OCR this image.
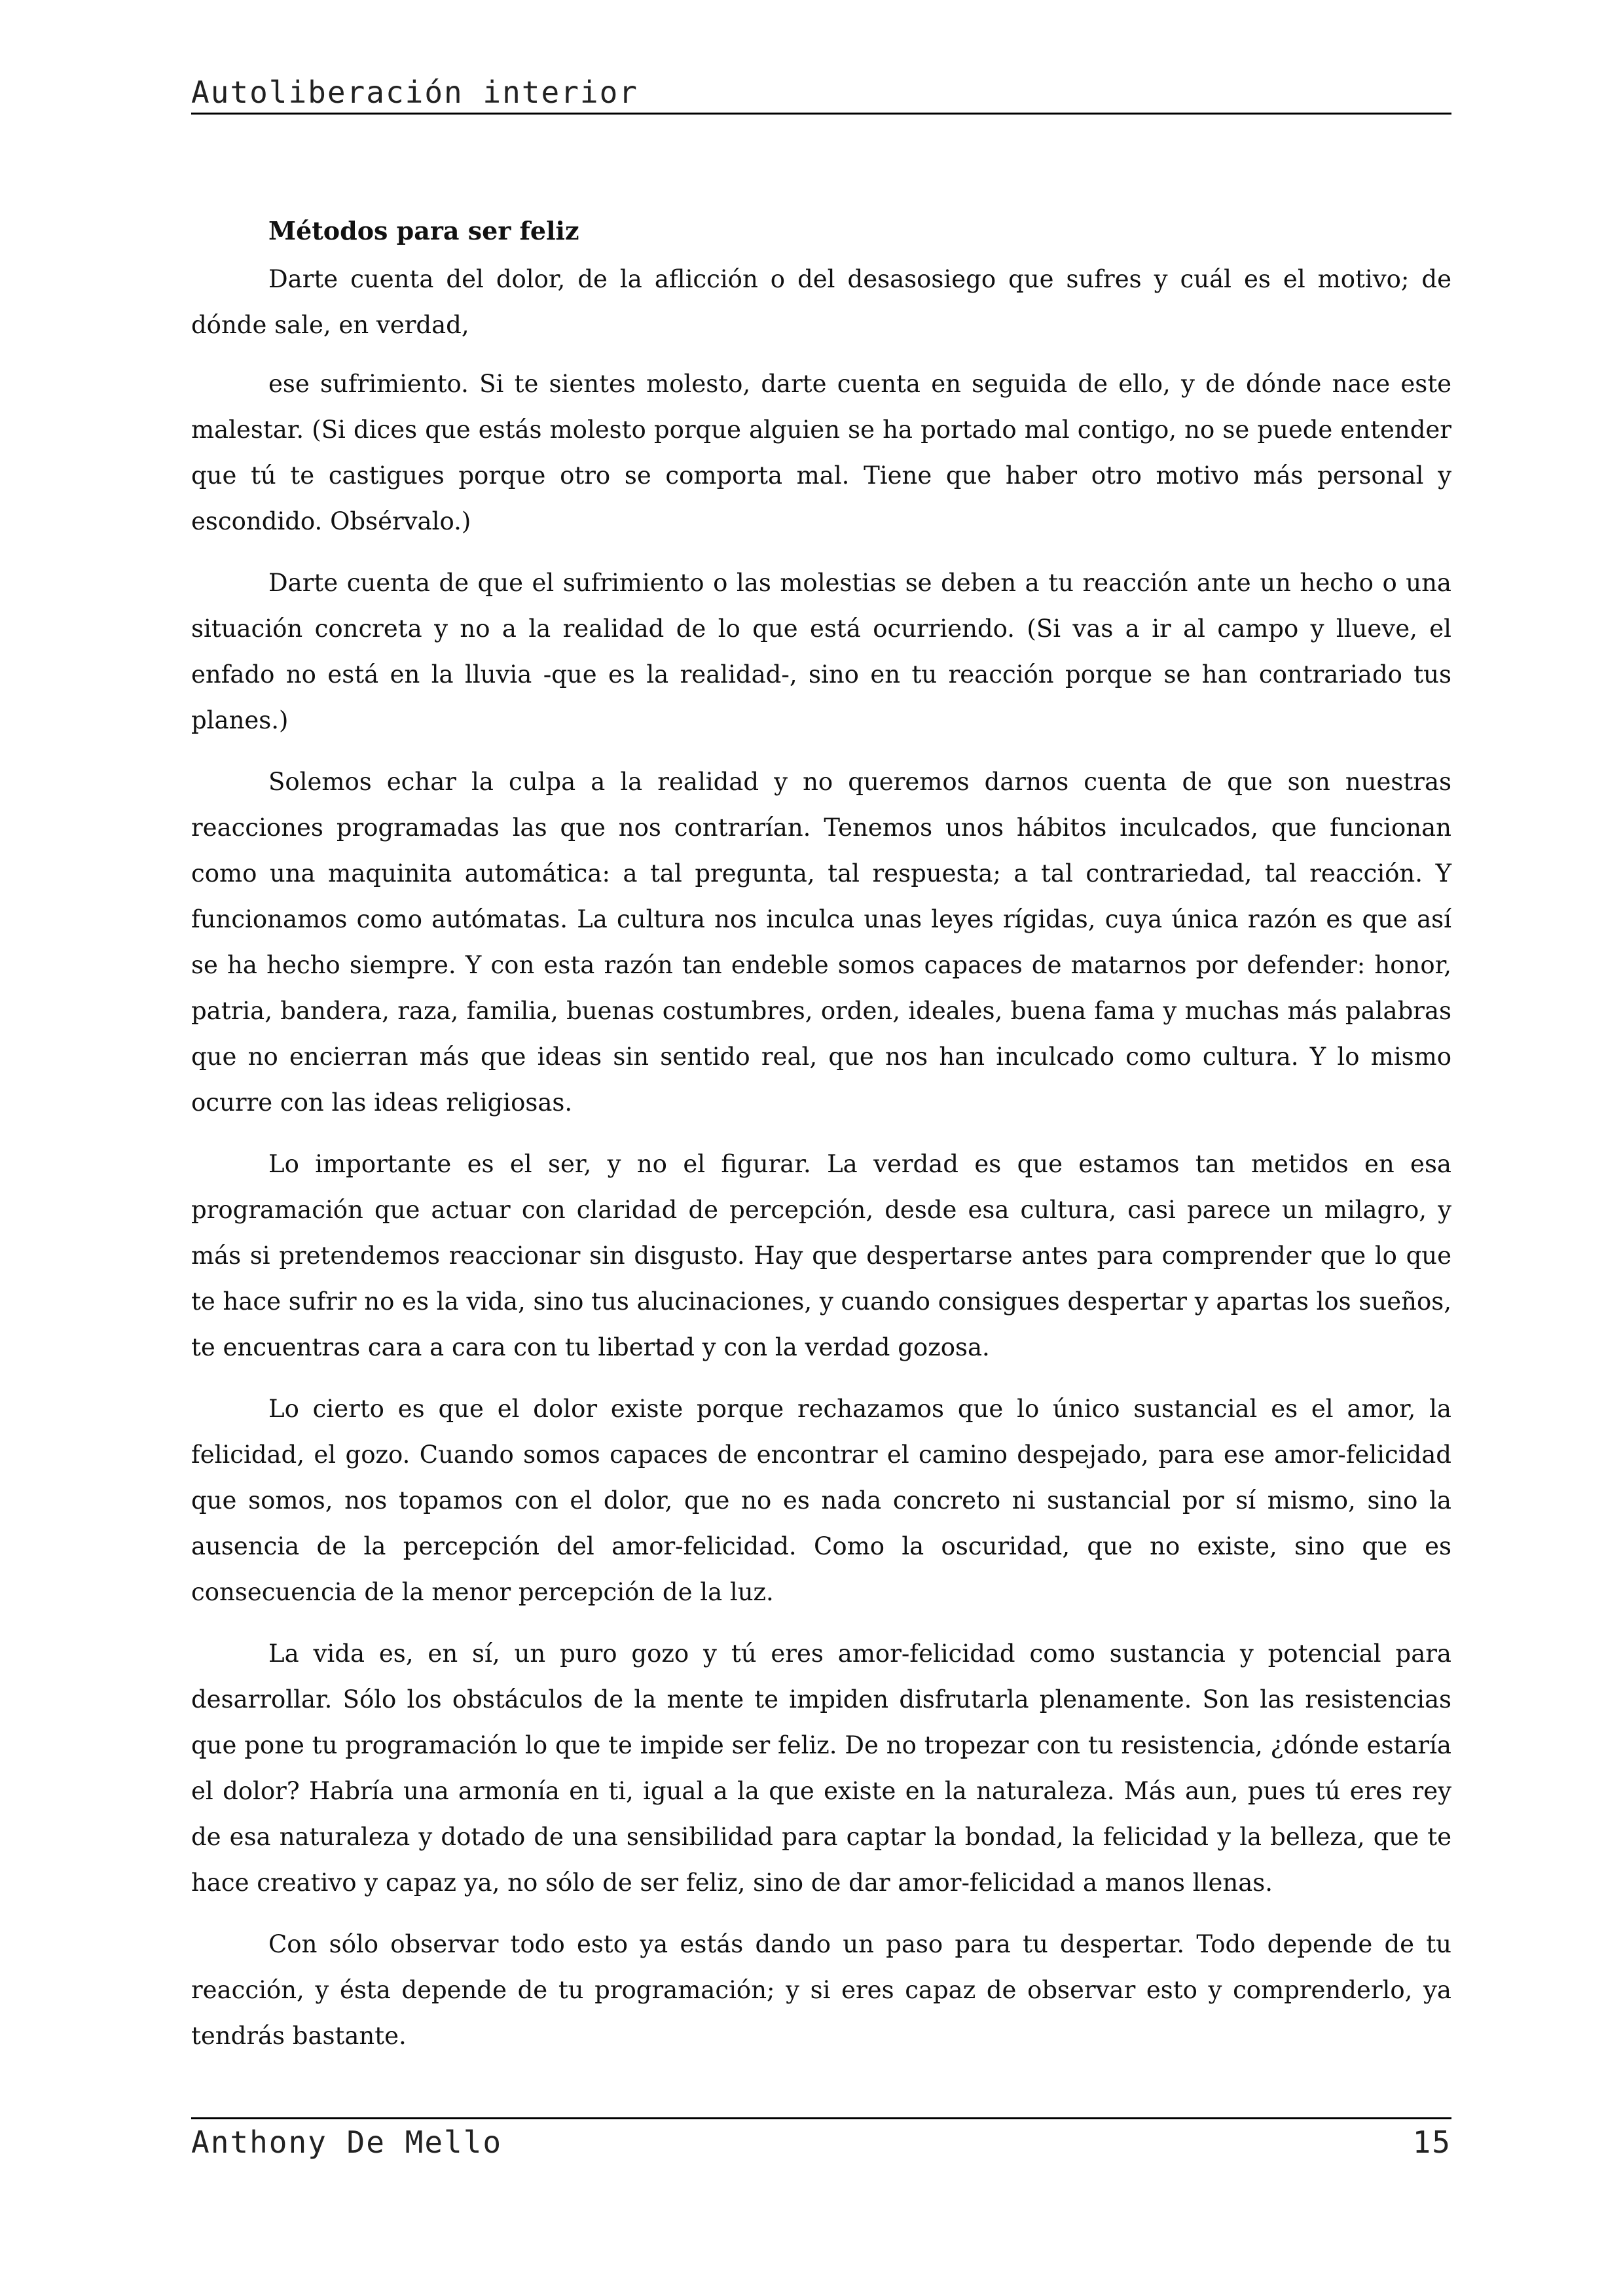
Autoliberación interior
Métodos para ser feliz

Darte cuenta del dolor, de la aflicción o del desasosiego que sufres y cuál es el motivo; de dónde sale, en verdad,

ese sufrimiento. Si te sientes molesto, darte cuenta en seguida de ello, y de dónde nace este malestar. (Si dices que estás molesto porque alguien se ha portado mal contigo, no se puede entender que tú te castigues porque otro se comporta mal. Tiene que haber otro motivo más personal y escondido. Obsérvalo.)

Darte cuenta de que el sufrimiento o las molestias se deben a tu reacción ante un hecho o una situación concreta y no a la realidad de lo que está ocurriendo. (Si vas a ir al campo y llueve, el enfado no está en la lluvia -que es la realidad-, sino en tu reacción porque se han contrariado tus planes.)

Solemos echar la culpa a la realidad y no queremos darnos cuenta de que son nuestras reacciones programadas las que nos contrarían. Tenemos unos hábitos inculcados, que funcionan como una maquinita automática: a tal pregunta, tal respuesta; a tal contrariedad, tal reacción. Y funcionamos como autómatas. La cultura nos inculca unas leyes rígidas, cuya única razón es que así se ha hecho siempre. Y con esta razón tan endeble somos capaces de matarnos por defender: honor, patria, bandera, raza, familia, buenas costumbres, orden, ideales, buena fama y muchas más palabras que no encierran más que ideas sin sentido real, que nos han inculcado como cultura. Y lo mismo ocurre con las ideas religiosas.

Lo importante es el ser, y no el figurar. La verdad es que estamos tan metidos en esa programación que actuar con claridad de percepción, desde esa cultura, casi parece un milagro, y más si pretendemos reaccionar sin disgusto. Hay que despertarse antes para comprender que lo que te hace sufrir no es la vida, sino tus alucinaciones, y cuando consigues despertar y apartas los sueños, te encuentras cara a cara con tu libertad y con la verdad gozosa.

Lo cierto es que el dolor existe porque rechazamos que lo único sustancial es el amor, la felicidad, el gozo. Cuando somos capaces de encontrar el camino despejado, para ese amor-felicidad que somos, nos topamos con el dolor, que no es nada concreto ni sustancial por sí mismo, sino la ausencia de la percepción del amor-felicidad. Como la oscuridad, que no existe, sino que es consecuencia de la menor percepción de la luz.

La vida es, en sí, un puro gozo y tú eres amor-felicidad como sustancia y potencial para desarrollar. Sólo los obstáculos de la mente te impiden disfrutarla plenamente. Son las resistencias que pone tu programación lo que te impide ser feliz. De no tropezar con tu resistencia, ¿dónde estaría el dolor? Habría una armonía en ti, igual a la que existe en la naturaleza. Más aun, pues tú eres rey de esa naturaleza y dotado de una sensibilidad para captar la bondad, la felicidad y la belleza, que te hace creativo y capaz ya, no sólo de ser feliz, sino de dar amor-felicidad a manos llenas.

Con sólo observar todo esto ya estás dando un paso para tu despertar. Todo depende de tu reacción, y ésta depende de tu programación; y si eres capaz de observar esto y comprenderlo, ya tendrás bastante.

Anthony De Mello	15
